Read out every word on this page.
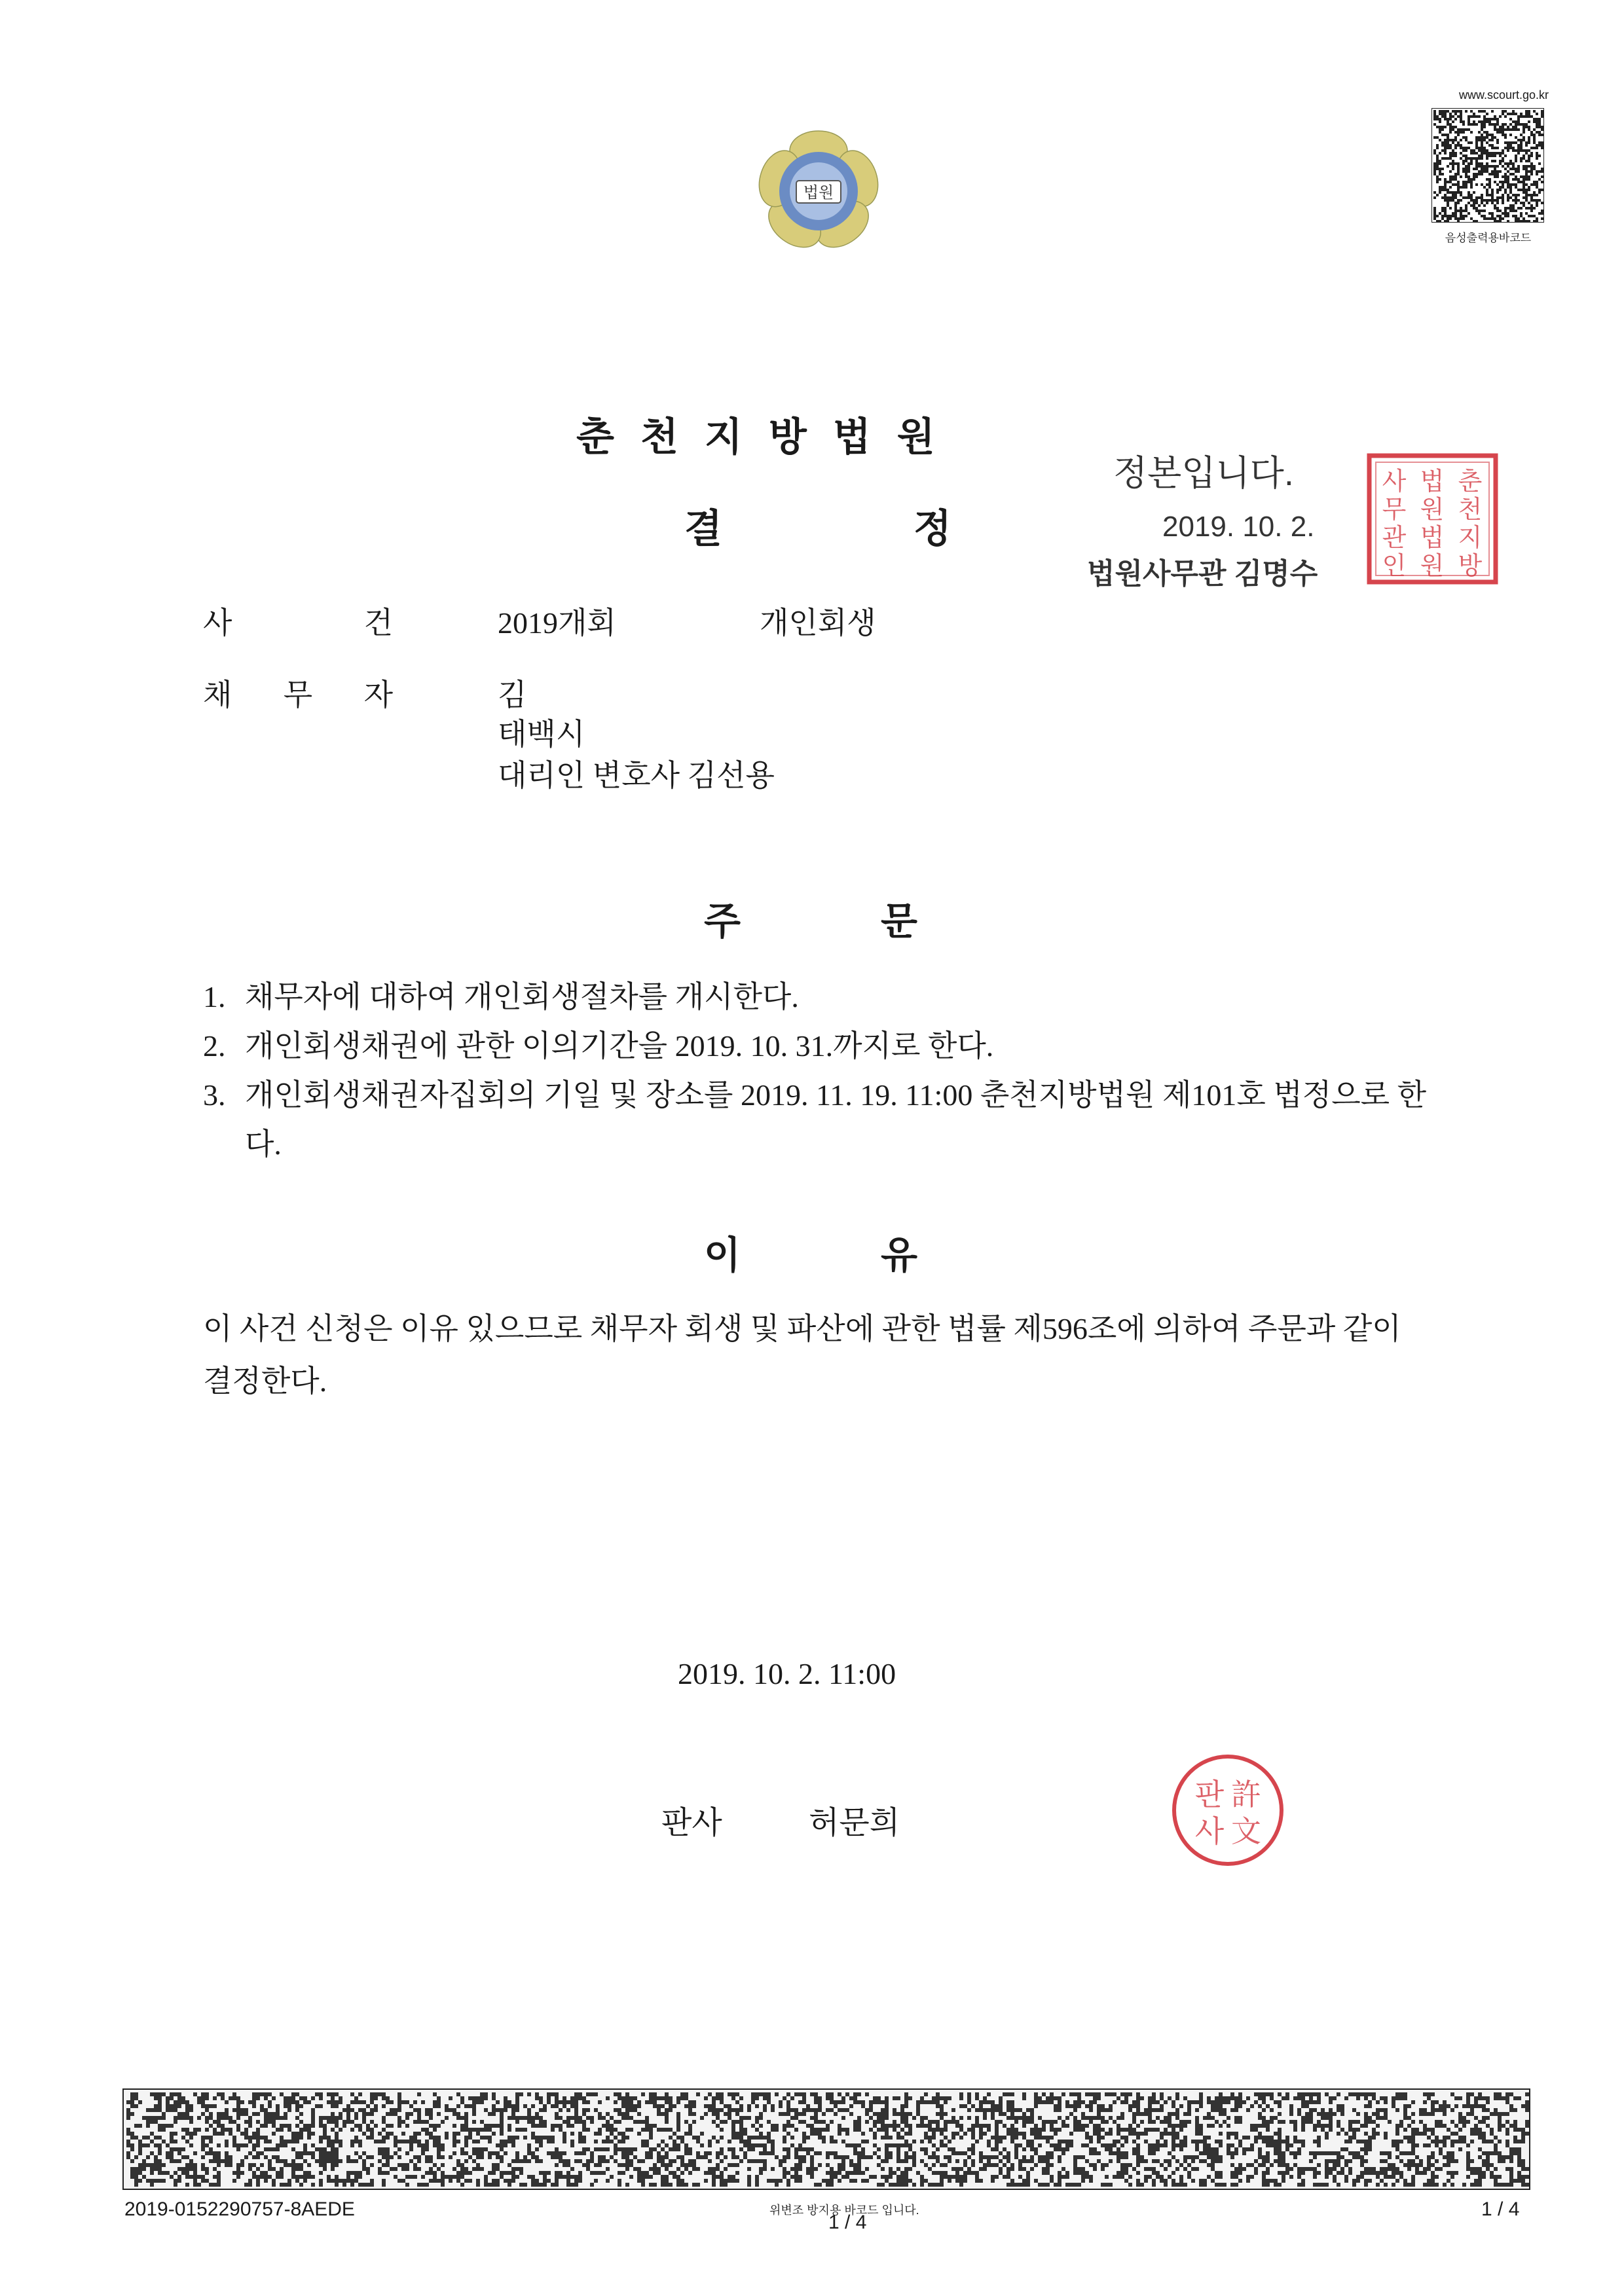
법원
www.scourt.go.kr
음성출력용바코드
춘천지방법원
결	정
정본입니다.
2019. 10. 2.
법원사무관 김명수
춘
천
지
방
법
원
법
원
사
무
관
인
사	건	2019개회	개인회생
채 무 자	김
태백시
대리인 변호사 김선용
주	문
1. 채무자에 대하여 개인회생절차를 개시한다.
2. 개인회생채권에 관한 이의기간을 2019. 10. 31.까지로 한다.
3. 개인회생채권자집회의 기일 및 장소를 2019. 11. 19. 11:00 춘천지방법원 제101호 법정으로 한다.
이	유
이 사건 신청은 이유 있으므로 채무자 회생 및 파산에 관한 법률 제596조에 의하여 주문과 같이 결정한다.
2019. 10. 2. 11:00
판사	허문희
許
文
판
사
2019-0152290757-8AEDE	위변조 방지용 바코드 입니다.
1 / 4
1 / 4
